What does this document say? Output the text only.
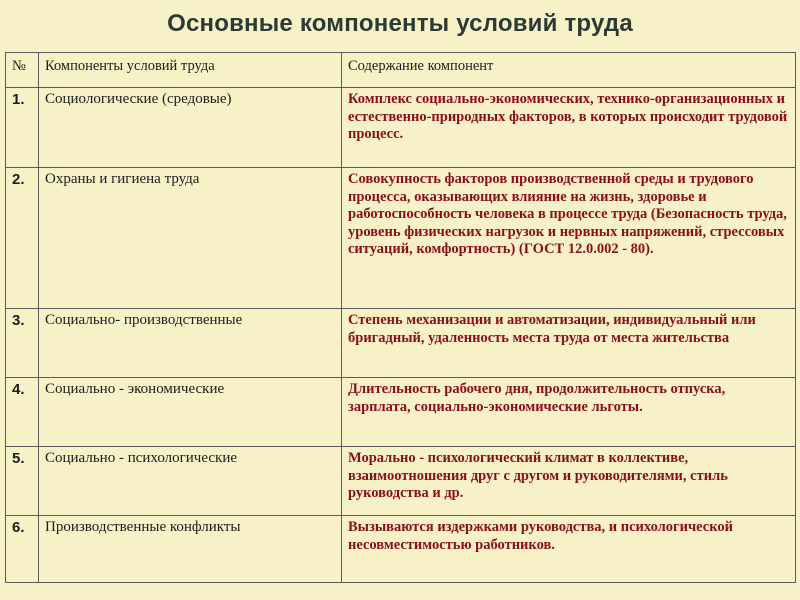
Основные компоненты условий труда
№	Компоненты условий труда	Содержание компонент
1.	Социологические (средовые)	Комплекс социально-экономических, технико-организационных и естественно-природных факторов, в которых происходит трудовой процесс.
2.	Охраны и гигиена труда	Совокупность факторов производственной среды и трудового процесса, оказывающих влияние на жизнь, здоровье и работоспособность человека в процессе труда (Безопасность труда, уровень физических нагрузок и нервных напряжений, стрессовых ситуаций, комфортность) (ГОСТ 12.0.002 - 80).
3.	Социально- производственные	Степень механизации и автоматизации, индивидуальный или бригадный, удаленность места труда от места жительства
4.	Социально - экономические	Длительность рабочего дня, продолжительность отпуска, зарплата, социально-экономические льготы.
5.	Социально - психологические	Морально - психологический климат в коллективе, взаимоотношения друг с другом и руководителями, стиль руководства и др.
6.	Производственные конфликты	Вызываются издержками руководства, и психологической несовместимостью работников.
